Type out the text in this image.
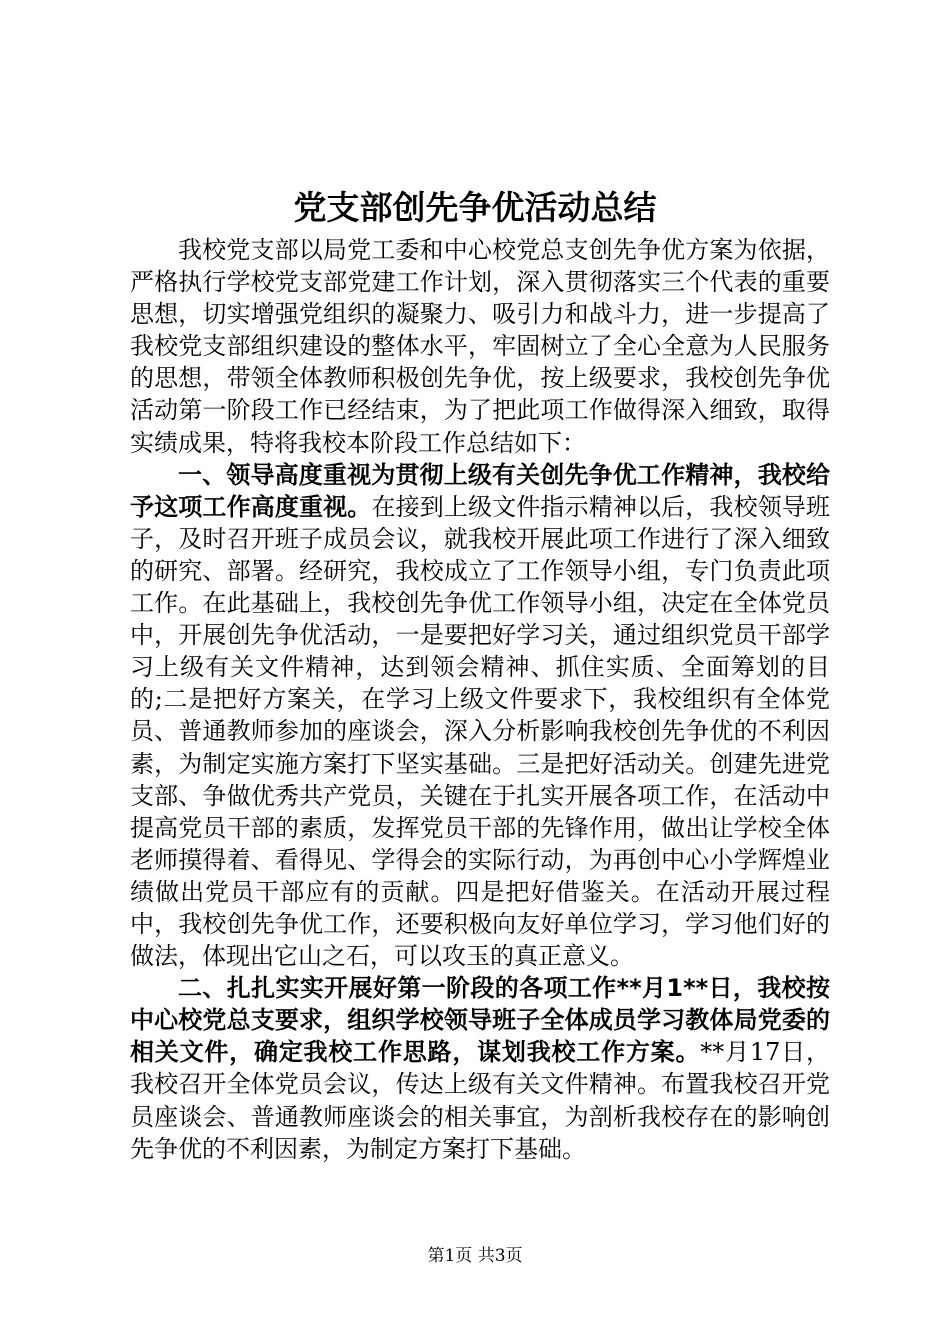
党支部创先争优活动总结

我校党支部以局党工委和中心校党总支创先争优方案为依据，严格执行学校党支部党建工作计划，深入贯彻落实三个代表的重要思想，切实增强党组织的凝聚力、吸引力和战斗力，进一步提高了我校党支部组织建设的整体水平，牢固树立了全心全意为人民服务的思想，带领全体教师积极创先争优，按上级要求，我校创先争优活动第一阶段工作已经结束，为了把此项工作做得深入细致，取得实绩成果，特将我校本阶段工作总结如下：

一、领导高度重视为贯彻上级有关创先争优工作精神，我校给予这项工作高度重视。在接到上级文件指示精神以后，我校领导班子，及时召开班子成员会议，就我校开展此项工作进行了深入细致的研究、部署。经研究，我校成立了工作领导小组，专门负责此项工作。在此基础上，我校创先争优工作领导小组，决定在全体党员中，开展创先争优活动，一是要把好学习关，通过组织党员干部学习上级有关文件精神，达到领会精神、抓住实质、全面筹划的目的;二是把好方案关，在学习上级文件要求下，我校组织有全体党员、普通教师参加的座谈会，深入分析影响我校创先争优的不利因素，为制定实施方案打下坚实基础。三是把好活动关。创建先进党支部、争做优秀共产党员，关键在于扎实开展各项工作，在活动中提高党员干部的素质，发挥党员干部的先锋作用，做出让学校全体老师摸得着、看得见、学得会的实际行动，为再创中心小学辉煌业绩做出党员干部应有的贡献。四是把好借鉴关。在活动开展过程中，我校创先争优工作，还要积极向友好单位学习，学习他们好的做法，体现出它山之石，可以攻玉的真正意义。

二、扎扎实实开展好第一阶段的各项工作**月1**日，我校按中心校党总支要求，组织学校领导班子全体成员学习教体局党委的相关文件，确定我校工作思路，谋划我校工作方案。**月17日，我校召开全体党员会议，传达上级有关文件精神。布置我校召开党员座谈会、普通教师座谈会的相关事宜，为剖析我校存在的影响创先争优的不利因素，为制定方案打下基础。

第1页 共3页
